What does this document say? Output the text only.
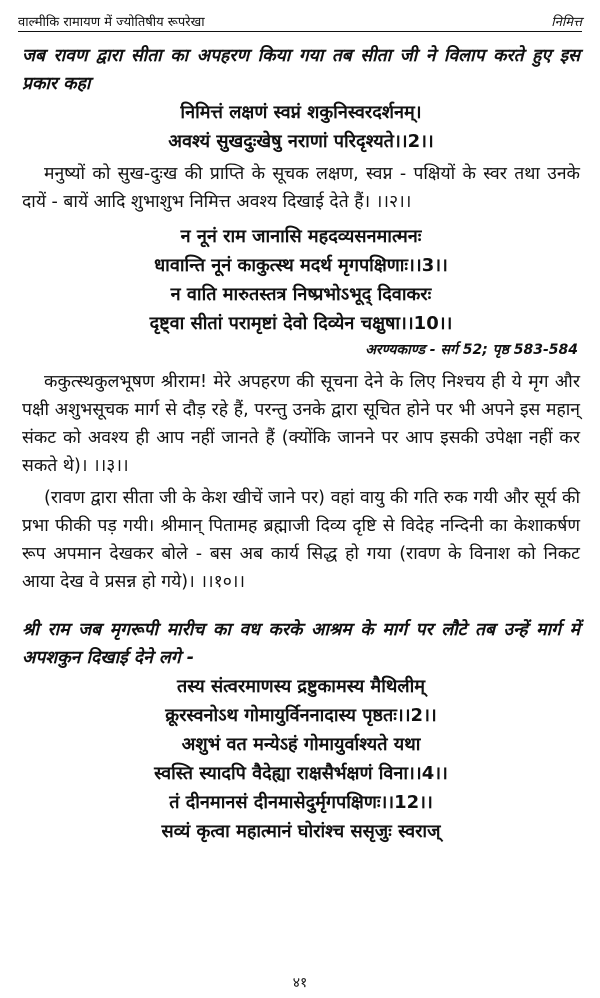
वाल्मीकि रामायण में ज्योतिषीय रूपरेखा	निमित्त

जब रावण द्वारा सीता का अपहरण किया गया तब सीता जी ने विलाप करते हुए इस प्रकार कहा

निमित्तं लक्षणं स्वप्नं शकुनिस्वरदर्शनम्।

अवश्यं सुखदुःखेषु नराणां परिदृश्यते।।2।।

मनुष्यों को सुख-दुःख की प्राप्ति के सूचक लक्षण, स्वप्न - पक्षियों के स्वर तथा उनके दायें - बायें आदि शुभाशुभ निमित्त अवश्य दिखाई देते हैं। ।।२।।

न नूनं राम जानासि महदव्यसनमात्मनः

धावान्ति नूनं काकुत्स्थ मदर्थ मृगपक्षिणाः।।3।।

न वाति मारुतस्तत्र निष्प्रभोऽभूद् दिवाकरः

दृष्ट्वा सीतां परामृष्टां देवो दिव्येन चक्षुषा।।10।।

अरण्यकाण्ड - सर्ग 52; पृष्ठ 583-584

ककुत्स्थकुलभूषण श्रीराम! मेरे अपहरण की सूचना देने के लिए निश्चय ही ये मृग और पक्षी अशुभसूचक मार्ग से दौड़ रहे हैं, परन्तु उनके द्वारा सूचित होने पर भी अपने इस महान् संकट को अवश्य ही आप नहीं जानते हैं (क्योंकि जानने पर आप इसकी उपेक्षा नहीं कर सकते थे)। ।।३।।

(रावण द्वारा सीता जी के केश खीचें जाने पर) वहां वायु की गति रुक गयी और सूर्य की प्रभा फीकी पड़ गयी। श्रीमान् पितामह ब्रह्माजी दिव्य दृष्टि से विदेह नन्दिनी का केशाकर्षण रूप अपमान देखकर बोले - बस अब कार्य सिद्ध हो गया (रावण के विनाश को निकट आया देख वे प्रसन्न हो गये)। ।।१०।।

श्री राम जब मृगरूपी मारीच का वध करके आश्रम के मार्ग पर लौटे तब उन्हें मार्ग में अपशकुन दिखाई देने लगे -

तस्य संत्वरमाणस्य द्रष्टुकामस्य मैथिलीम्

क्रूरस्वनोऽथ गोमायुर्विननादास्य पृष्ठतः।।2।।

अशुभं वत मन्येऽहं गोमायुर्वाश्यते यथा

स्वस्ति स्यादपि वैदेह्या राक्षसैर्भक्षणं विना।।4।।

तं दीनमानसं दीनमासेदुर्मृगपक्षिणः।।12।।

सव्यं कृत्वा महात्मानं घोरांश्च ससृजुः स्वराज्

४१
